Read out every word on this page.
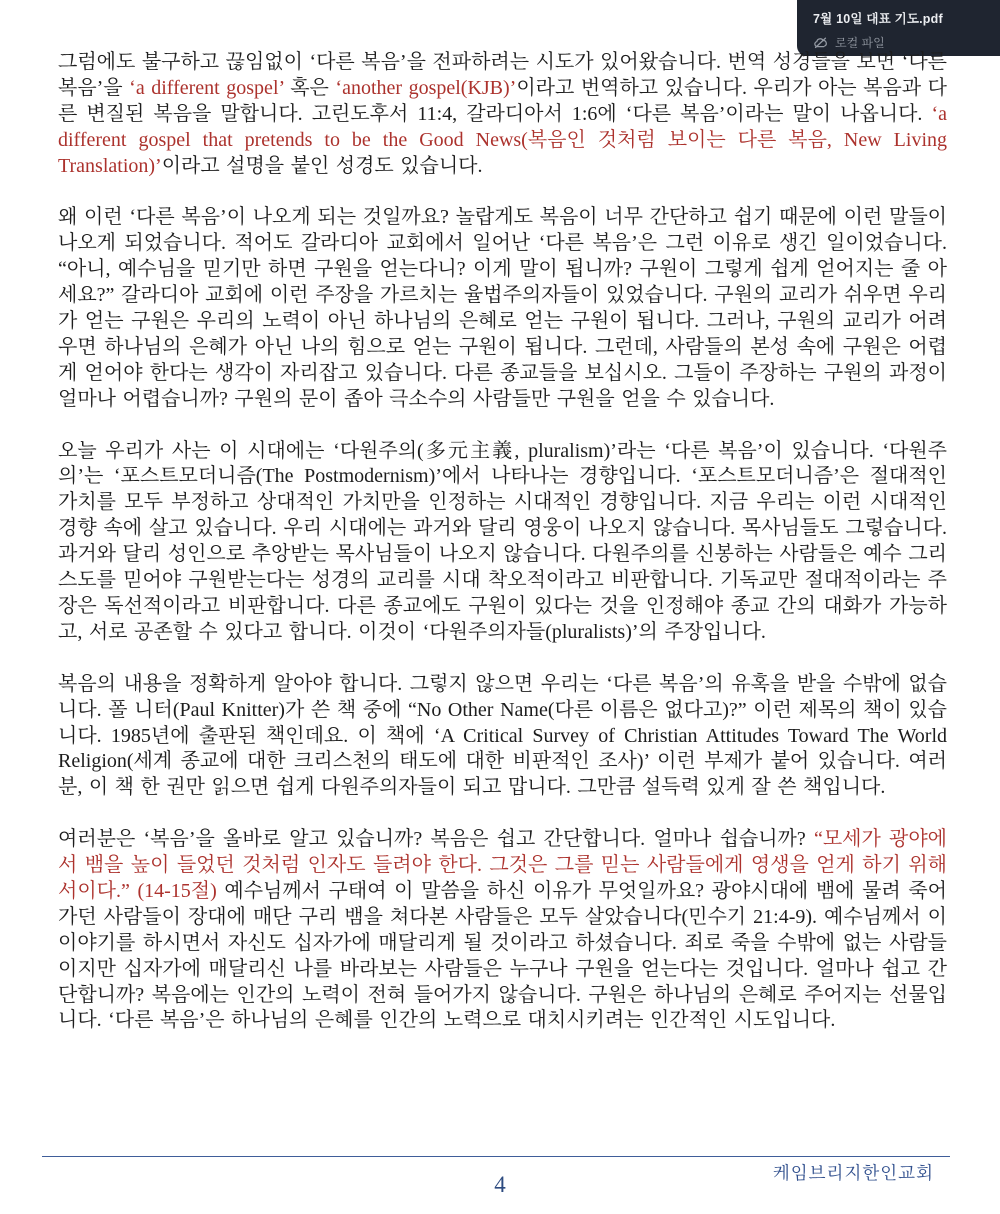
7월 10일 대표 기도.pdf
로컬 파일

그럼에도 불구하고 끊임없이 ‘다른 복음’을 전파하려는 시도가 있어왔습니다. 번역 성경들을 보면 ‘다른 복음’을 ‘a different gospel’ 혹은 ‘another gospel(KJB)’이라고 번역하고 있습니다. 우리가 아는 복음과 다른 변질된 복음을 말합니다. 고린도후서 11:4, 갈라디아서 1:6에 ‘다른 복음’이라는 말이 나옵니다. ‘a different gospel that pretends to be the Good News(복음인 것처럼 보이는 다른 복음, New Living Translation)’이라고 설명을 붙인 성경도 있습니다.

왜 이런 ‘다른 복음’이 나오게 되는 것일까요? 놀랍게도 복음이 너무 간단하고 쉽기 때문에 이런 말들이 나오게 되었습니다. 적어도 갈라디아 교회에서 일어난 ‘다른 복음’은 그런 이유로 생긴 일이었습니다. “아니, 예수님을 믿기만 하면 구원을 얻는다니? 이게 말이 됩니까? 구원이 그렇게 쉽게 얻어지는 줄 아세요?” 갈라디아 교회에 이런 주장을 가르치는 율법주의자들이 있었습니다. 구원의 교리가 쉬우면 우리가 얻는 구원은 우리의 노력이 아닌 하나님의 은혜로 얻는 구원이 됩니다. 그러나, 구원의 교리가 어려우면 하나님의 은혜가 아닌 나의 힘으로 얻는 구원이 됩니다. 그런데, 사람들의 본성 속에 구원은 어렵게 얻어야 한다는 생각이 자리잡고 있습니다. 다른 종교들을 보십시오. 그들이 주장하는 구원의 과정이 얼마나 어렵습니까? 구원의 문이 좁아 극소수의 사람들만 구원을 얻을 수 있습니다.

오늘 우리가 사는 이 시대에는 ‘다원주의(多元主義, pluralism)’라는 ‘다른 복음’이 있습니다. ‘다원주의’는 ‘포스트모더니즘(The Postmodernism)’에서 나타나는 경향입니다. ‘포스트모더니즘’은 절대적인 가치를 모두 부정하고 상대적인 가치만을 인정하는 시대적인 경향입니다. 지금 우리는 이런 시대적인 경향 속에 살고 있습니다. 우리 시대에는 과거와 달리 영웅이 나오지 않습니다. 목사님들도 그렇습니다. 과거와 달리 성인으로 추앙받는 목사님들이 나오지 않습니다. 다원주의를 신봉하는 사람들은 예수 그리스도를 믿어야 구원받는다는 성경의 교리를 시대 착오적이라고 비판합니다. 기독교만 절대적이라는 주장은 독선적이라고 비판합니다. 다른 종교에도 구원이 있다는 것을 인정해야 종교 간의 대화가 가능하고, 서로 공존할 수 있다고 합니다. 이것이 ‘다원주의자들(pluralists)’의 주장입니다.

복음의 내용을 정확하게 알아야 합니다. 그렇지 않으면 우리는 ‘다른 복음’의 유혹을 받을 수밖에 없습니다. 폴 니터(Paul Knitter)가 쓴 책 중에 “No Other Name(다른 이름은 없다고)?” 이런 제목의 책이 있습니다. 1985년에 출판된 책인데요. 이 책에 ‘A Critical Survey of Christian Attitudes Toward The World Religion(세계 종교에 대한 크리스천의 태도에 대한 비판적인 조사)’ 이런 부제가 붙어 있습니다. 여러분, 이 책 한 권만 읽으면 쉽게 다원주의자들이 되고 맙니다. 그만큼 설득력 있게 잘 쓴 책입니다.

여러분은 ‘복음’을 올바로 알고 있습니까? 복음은 쉽고 간단합니다. 얼마나 쉽습니까? “모세가 광야에서 뱀을 높이 들었던 것처럼 인자도 들려야 한다. 그것은 그를 믿는 사람들에게 영생을 얻게 하기 위해서이다.” (14-15절) 예수님께서 구태여 이 말씀을 하신 이유가 무엇일까요? 광야시대에 뱀에 물려 죽어가던 사람들이 장대에 매단 구리 뱀을 쳐다본 사람들은 모두 살았습니다(민수기 21:4-9). 예수님께서 이 이야기를 하시면서 자신도 십자가에 매달리게 될 것이라고 하셨습니다. 죄로 죽을 수밖에 없는 사람들이지만 십자가에 매달리신 나를 바라보는 사람들은 누구나 구원을 얻는다는 것입니다. 얼마나 쉽고 간단합니까? 복음에는 인간의 노력이 전혀 들어가지 않습니다. 구원은 하나님의 은혜로 주어지는 선물입니다. ‘다른 복음’은 하나님의 은혜를 인간의 노력으로 대치시키려는 인간적인 시도입니다.

케임브리지한인교회
4
